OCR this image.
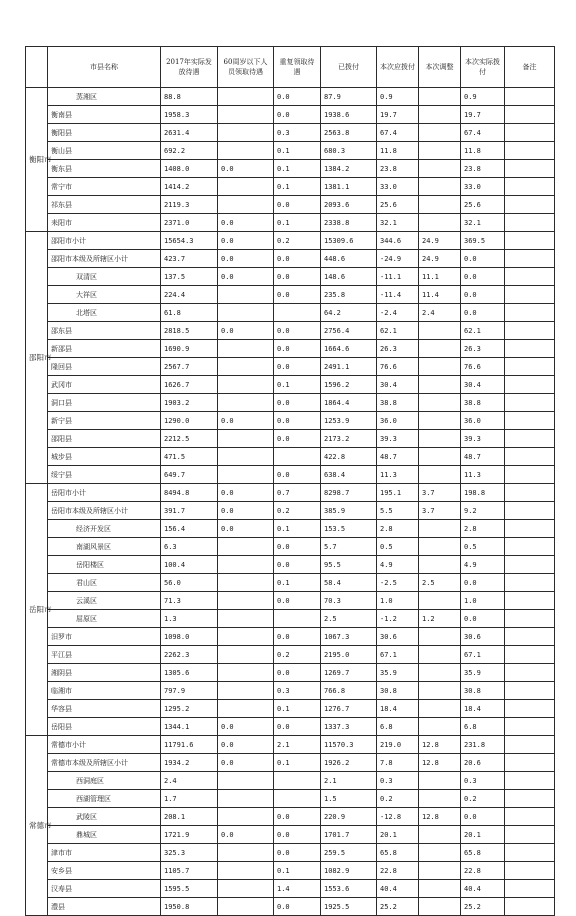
	市县名称	2017年实际发放待遇	60周岁以下人员领取待遇	重复领取待遇	已拨付	本次应拨付	本次调整	本次实际拨付	备注
衡阳市	蒸湘区	88.8		0.0	87.9	0.9		0.9	
	衡南县	1958.3		0.0	1938.6	19.7		19.7	
	衡阳县	2631.4		0.3	2563.8	67.4		67.4	
	衡山县	692.2		0.1	680.3	11.8		11.8	
	衡东县	1408.0	0.0	0.1	1384.2	23.8		23.8	
	常宁市	1414.2		0.1	1381.1	33.0		33.0	
	祁东县	2119.3		0.0	2093.6	25.6		25.6	
	耒阳市	2371.0	0.0	0.1	2338.8	32.1		32.1	
邵阳市	邵阳市小计	15654.3	0.0	0.2	15309.6	344.6	24.9	369.5	
	邵阳市本级及所辖区小计	423.7	0.0	0.0	448.6	-24.9	24.9	0.0	
	双清区	137.5	0.0	0.0	148.6	-11.1	11.1	0.0	
	大祥区	224.4		0.0	235.8	-11.4	11.4	0.0	
	北塔区	61.8			64.2	-2.4	2.4	0.0	
	邵东县	2818.5	0.0	0.0	2756.4	62.1		62.1	
	新邵县	1690.9		0.0	1664.6	26.3		26.3	
	隆回县	2567.7		0.0	2491.1	76.6		76.6	
	武冈市	1626.7		0.1	1596.2	30.4		30.4	
	洞口县	1903.2		0.0	1864.4	38.8		38.8	
	新宁县	1290.0	0.0	0.0	1253.9	36.0		36.0	
	邵阳县	2212.5		0.0	2173.2	39.3		39.3	
	城步县	471.5			422.8	48.7		48.7	
	绥宁县	649.7		0.0	638.4	11.3		11.3	
岳阳市	岳阳市小计	8494.8	0.0	0.7	8298.7	195.1	3.7	198.8	
	岳阳市本级及所辖区小计	391.7	0.0	0.2	385.9	5.5	3.7	9.2	
	经济开发区	156.4	0.0	0.1	153.5	2.8		2.8	
	南湖风景区	6.3		0.0	5.7	0.5		0.5	
	岳阳楼区	100.4		0.0	95.5	4.9		4.9	
	君山区	56.0		0.1	58.4	-2.5	2.5	0.0	
	云溪区	71.3		0.0	70.3	1.0		1.0	
	屈原区	1.3			2.5	-1.2	1.2	0.0	
	汨罗市	1098.0		0.0	1067.3	30.6		30.6	
	平江县	2262.3		0.2	2195.0	67.1		67.1	
	湘阴县	1305.6		0.0	1269.7	35.9		35.9	
	临湘市	797.9		0.3	766.8	30.8		30.8	
	华容县	1295.2		0.1	1276.7	18.4		18.4	
	岳阳县	1344.1	0.0	0.0	1337.3	6.8		6.8	
常德市	常德市小计	11791.6	0.0	2.1	11570.3	219.0	12.8	231.8	
	常德市本级及所辖区小计	1934.2	0.0	0.1	1926.2	7.8	12.8	20.6	
	西洞庭区	2.4			2.1	0.3		0.3	
	西湖管理区	1.7			1.5	0.2		0.2	
	武陵区	208.1		0.0	220.9	-12.8	12.8	0.0	
	鼎城区	1721.9	0.0	0.0	1701.7	20.1		20.1	
	津市市	325.3		0.0	259.5	65.8		65.8	
	安乡县	1105.7		0.1	1082.9	22.8		22.8	
	汉寿县	1595.5		1.4	1553.6	40.4		40.4	
	澧县	1950.8		0.0	1925.5	25.2		25.2	
